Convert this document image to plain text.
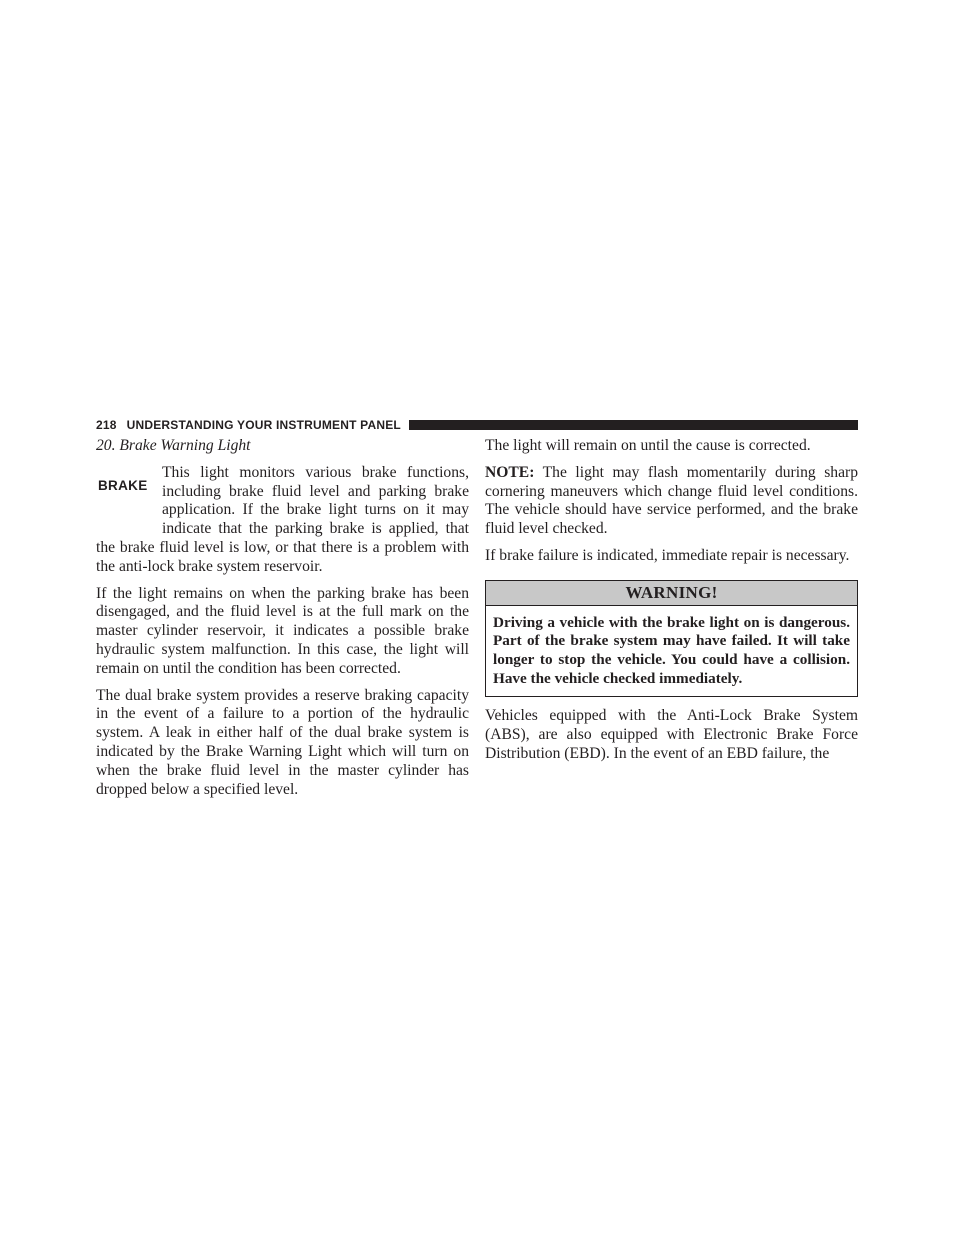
218 UNDERSTANDING YOUR INSTRUMENT PANEL
20. Brake Warning Light

BRAKE
This light monitors various brake functions, including brake fluid level and parking brake application. If the brake light turns on it may indicate that the parking brake is applied, that the brake fluid level is low, or that there is a problem with the anti-lock brake system reservoir.

If the light remains on when the parking brake has been disengaged, and the fluid level is at the full mark on the master cylinder reservoir, it indicates a possible brake hydraulic system malfunction. In this case, the light will remain on until the condition has been corrected.

The dual brake system provides a reserve braking capacity in the event of a failure to a portion of the hydraulic system. A leak in either half of the dual brake system is indicated by the Brake Warning Light which will turn on when the brake fluid level in the master cylinder has dropped below a specified level.

The light will remain on until the cause is corrected.

NOTE: The light may flash momentarily during sharp cornering maneuvers which change fluid level conditions. The vehicle should have service performed, and the brake fluid level checked.

If brake failure is indicated, immediate repair is necessary.

WARNING!
Driving a vehicle with the brake light on is dangerous. Part of the brake system may have failed. It will take longer to stop the vehicle. You could have a collision. Have the vehicle checked immediately.

Vehicles equipped with the Anti-Lock Brake System (ABS), are also equipped with Electronic Brake Force Distribution (EBD). In the event of an EBD failure, the
